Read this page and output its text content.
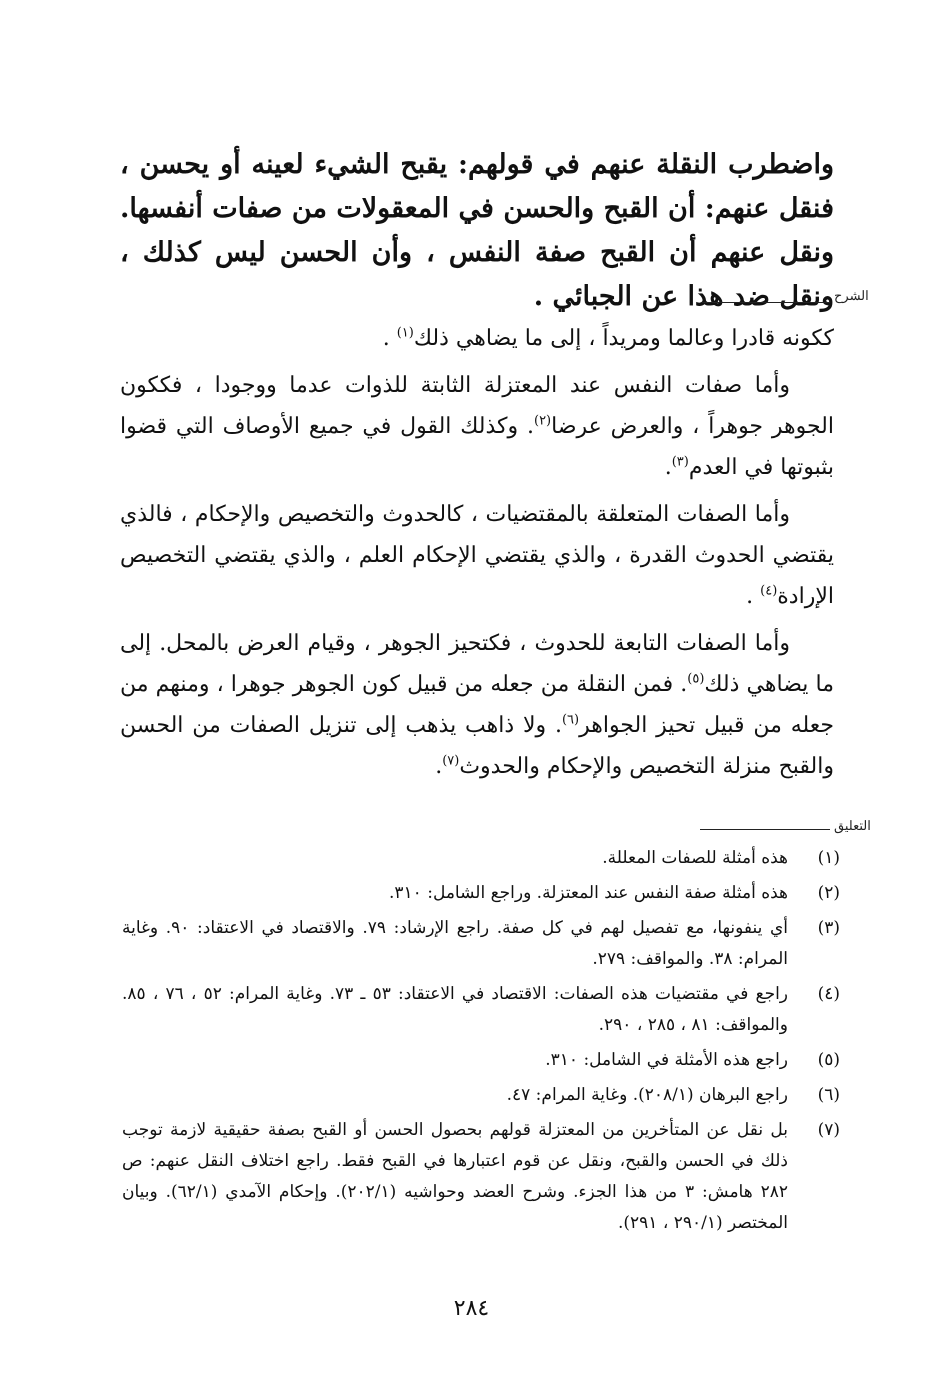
واضطرب النقلة عنهم في قولهم: يقبح الشيء لعينه أو يحسن ، فنقل عنهم: أن القبح والحسن في المعقولات من صفات أنفسها. ونقل عنهم أن القبح صفة النفس ، وأن الحسن ليس كذلك ، ونقل ضد هذا عن الجبائي . الشرح

ككونه قادرا وعالما ومريداً ، إلى ما يضاهي ذلك$^{(١)}$ .

وأما صفات النفس عند المعتزلة الثابتة للذوات عدما ووجودا ، فككون الجوهر جوهراً ، والعرض عرضا$^{(٢)}$. وكذلك القول في جميع الأوصاف التي قضوا بثبوتها في العدم$^{(٣)}$.

وأما الصفات المتعلقة بالمقتضيات ، كالحدوث والتخصيص والإحكام ، فالذي يقتضي الحدوث القدرة ، والذي يقتضي الإحكام العلم ، والذي يقتضي التخصيص الإرادة$^{(٤)}$ .

وأما الصفات التابعة للحدوث ، فكتحيز الجوهر ، وقيام العرض بالمحل. إلى ما يضاهي ذلك$^{(٥)}$. فمن النقلة من جعله من قبيل كون الجوهر جوهرا ، ومنهم من جعله من قبيل تحيز الجواهر$^{(٦)}$. ولا ذاهب يذهب إلى تنزيل الصفات من الحسن والقبح منزلة التخصيص والإحكام والحدوث$^{(٧)}$.

التعليق
(١)
هذه أمثلة للصفات المعللة.
(٢)
هذه أمثلة صفة النفس عند المعتزلة. وراجع الشامل: ٣١٠.
(٣)
أي ينفونها، مع تفصيل لهم في كل صفة. راجع الإرشاد: ٧٩. والاقتصاد في الاعتقاد: ٩٠. وغاية المرام: ٣٨. والمواقف: ٢٧٩.
(٤)
راجع في مقتضيات هذه الصفات: الاقتصاد في الاعتقاد: ٥٣ ـ ٧٣. وغاية المرام: ٥٢ ، ٧٦ ، ٨٥. والمواقف: ٨١ ، ٢٨٥ ، ٢٩٠.
(٥)
راجع هذه الأمثلة في الشامل: ٣١٠.
(٦)
راجع البرهان (٢٠٨/١). وغاية المرام: ٤٧.
(٧)
بل نقل عن المتأخرين من المعتزلة قولهم بحصول الحسن أو القبح بصفة حقيقية لازمة توجب ذلك في الحسن والقبح، ونقل عن قوم اعتبارها في القبح فقط. راجع اختلاف النقل عنهم: ص ٢٨٢ هامش: ٣ من هذا الجزء. وشرح العضد وحواشيه (٢٠٢/١). وإحكام الآمدي (٦٢/١). وبيان المختصر (٢٩٠/١ ، ٢٩١).
٢٨٤
